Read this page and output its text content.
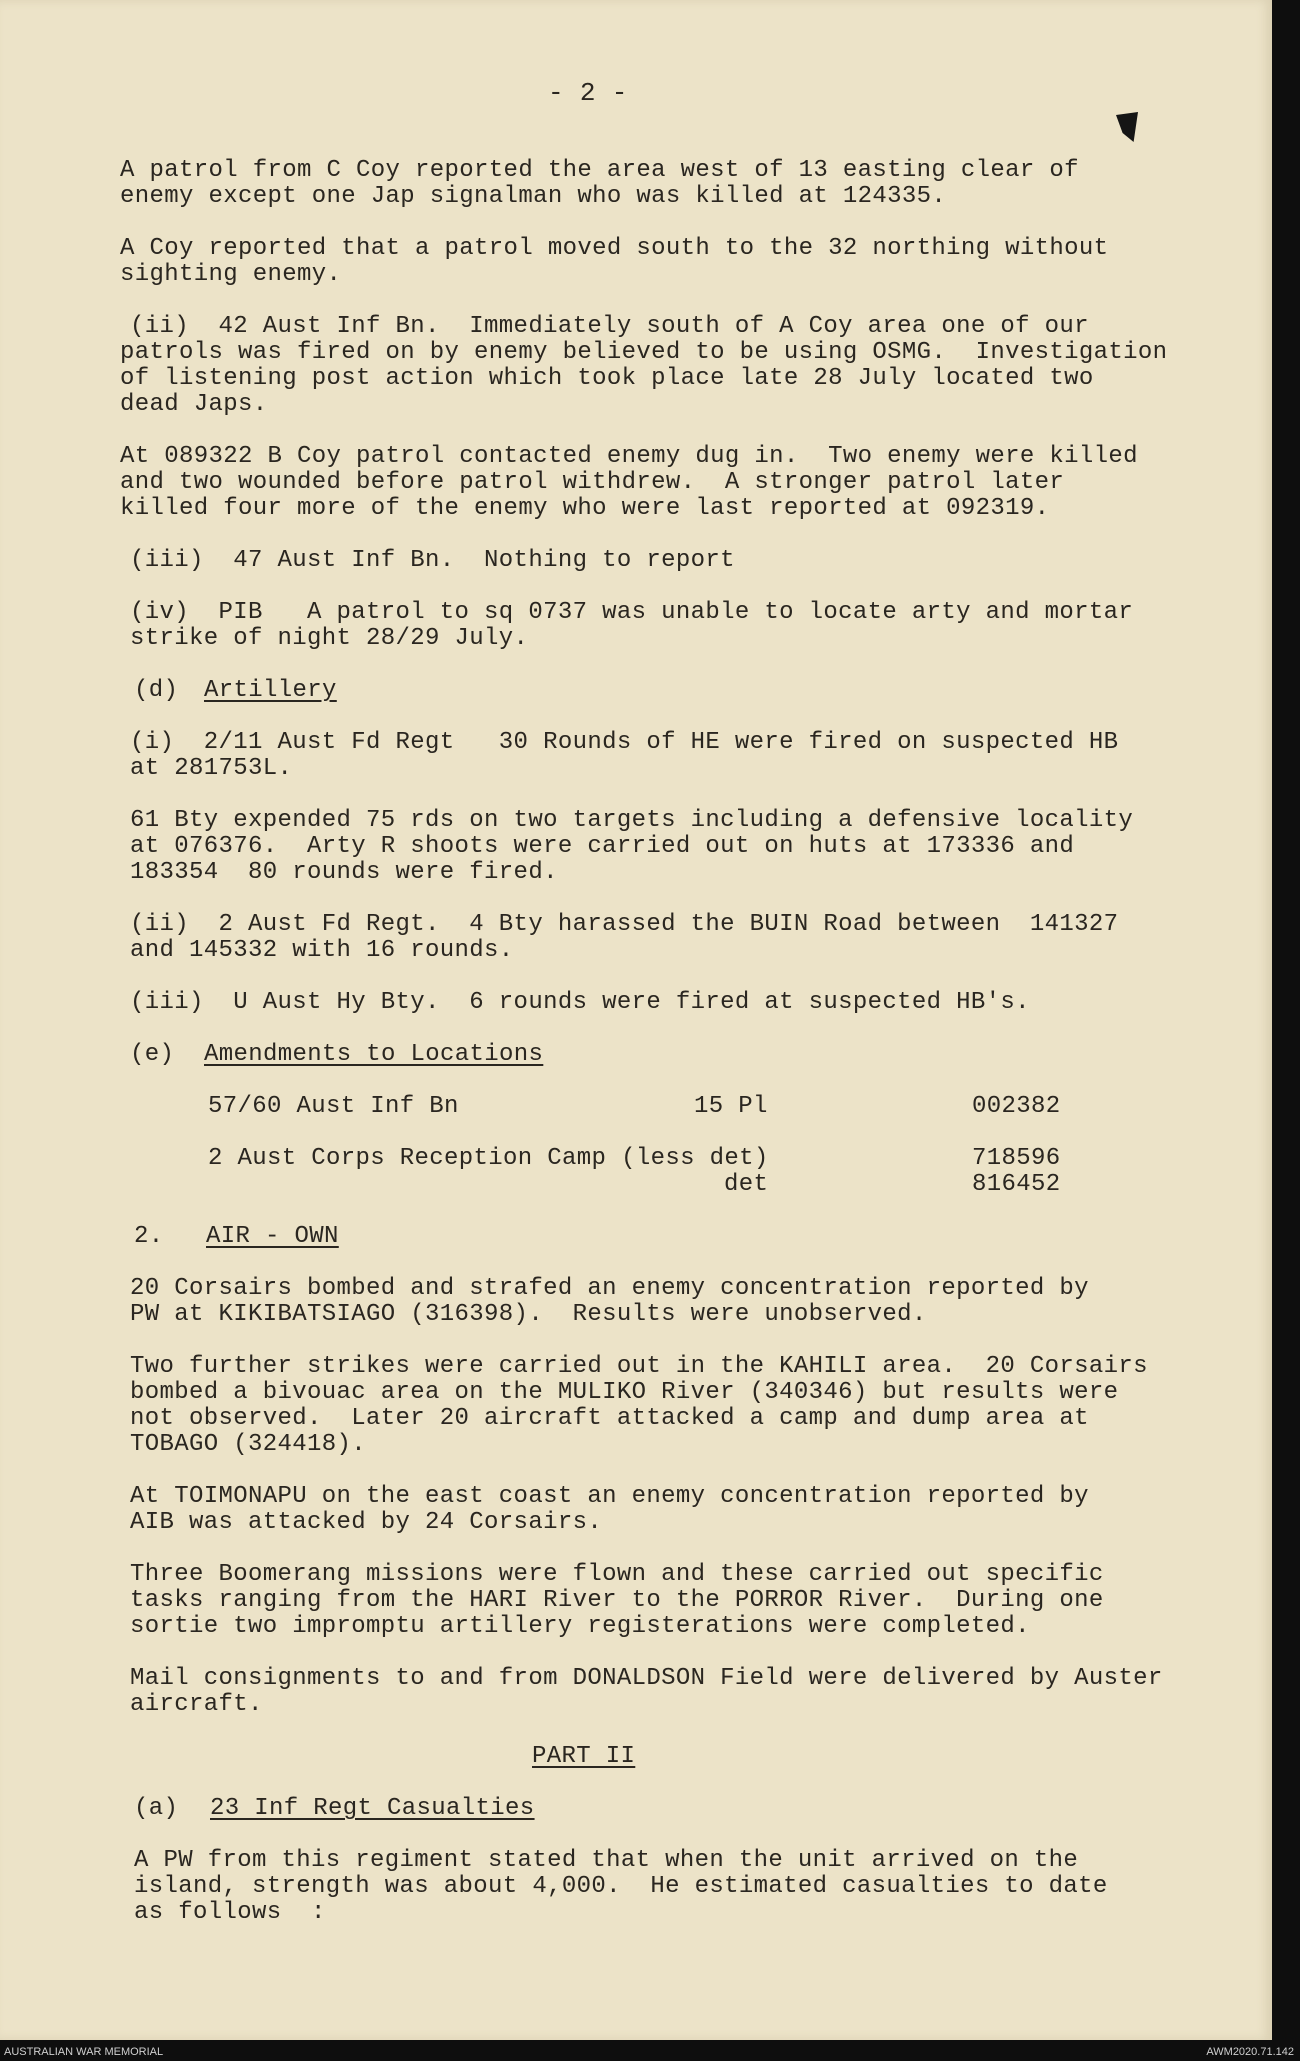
- 2 -
A patrol from C Coy reported the area west of 13 easting clear of
enemy except one Jap signalman who was killed at 124335.
A Coy reported that a patrol moved south to the 32 northing without
sighting enemy.
(ii)  42 Aust Inf Bn.  Immediately south of A Coy area one of our
patrols was fired on by enemy believed to be using OSMG.  Investigation
of listening post action which took place late 28 July located two
dead Japs.
At 089322 B Coy patrol contacted enemy dug in.  Two enemy were killed
and two wounded before patrol withdrew.  A stronger patrol later
killed four more of the enemy who were last reported at 092319.
(iii)  47 Aust Inf Bn.  Nothing to report
(iv)  PIB   A patrol to sq 0737 was unable to locate arty and mortar
strike of night 28/29 July.
(d)
Artillery
(i)  2/11 Aust Fd Regt   30 Rounds of HE were fired on suspected HB
at 281753L.
61 Bty expended 75 rds on two targets including a defensive locality
at 076376.  Arty R shoots were carried out on huts at 173336 and
183354  80 rounds were fired.
(ii)  2 Aust Fd Regt.  4 Bty harassed the BUIN Road between  141327
and 145332 with 16 rounds.
(iii)  U Aust Hy Bty.  6 rounds were fired at suspected HB's.
(e) Amendments to Locations
57/60 Aust Inf Bn	15 Pl	002382
2 Aust Corps Reception Camp (less det)	718596
det	816452
2.
AIR - OWN
20 Corsairs bombed and strafed an enemy concentration reported by
PW at KIKIBATSIAGO (316398).  Results were unobserved.
Two further strikes were carried out in the KAHILI area.  20 Corsairs
bombed a bivouac area on the MULIKO River (340346) but results were
not observed.  Later 20 aircraft attacked a camp and dump area at
TOBAGO (324418).
At TOIMONAPU on the east coast an enemy concentration reported by
AIB was attacked by 24 Corsairs.
Three Boomerang missions were flown and these carried out specific
tasks ranging from the HARI River to the PORROR River.  During one
sortie two impromptu artillery registerations were completed.
Mail consignments to and from DONALDSON Field were delivered by Auster
aircraft.
PART II
(a) 23 Inf Regt Casualties
A PW from this regiment stated that when the unit arrived on the
island, strength was about 4,000.  He estimated casualties to date
as follows  :
AUSTRALIAN WAR MEMORIAL	AWM2020.71.142
